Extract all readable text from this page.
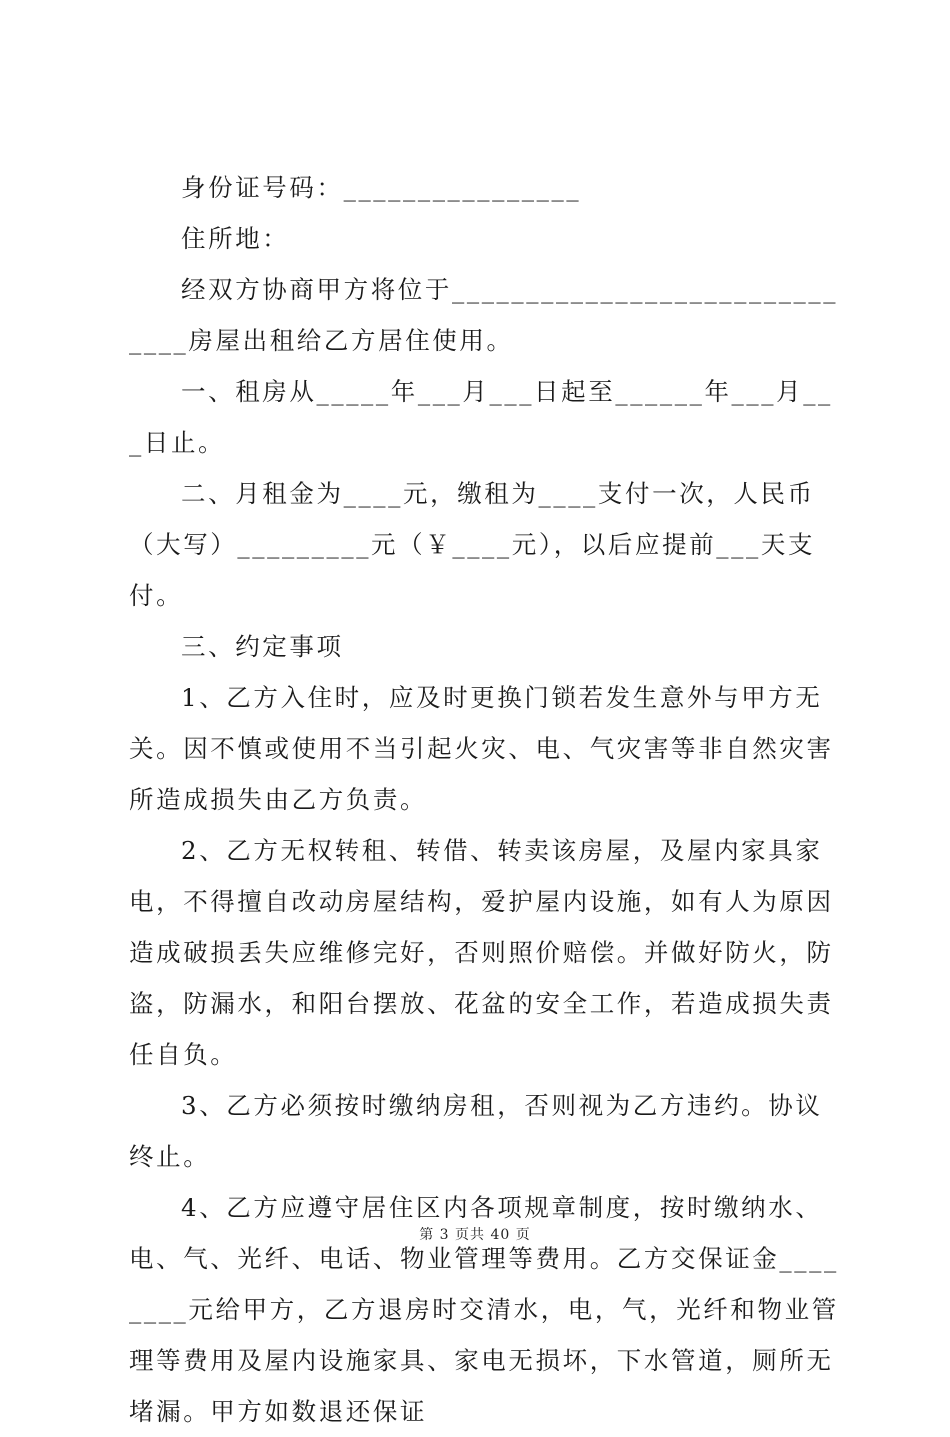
身份证号码：________________

住所地：

经双方协商甲方将位于______________________________房屋出租给乙方居住使用。

一、租房从_____年___月___日起至______年___月___日止。

二、月租金为____元，缴租为____支付一次，人民币（大写）_________元（￥____元），以后应提前___天支付。

三、约定事项

1、乙方入住时，应及时更换门锁若发生意外与甲方无关。因不慎或使用不当引起火灾、电、气灾害等非自然灾害所造成损失由乙方负责。

2、乙方无权转租、转借、转卖该房屋，及屋内家具家电，不得擅自改动房屋结构，爱护屋内设施，如有人为原因造成破损丢失应维修完好，否则照价赔偿。并做好防火，防盗，防漏水，和阳台摆放、花盆的安全工作，若造成损失责任自负。

3、乙方必须按时缴纳房租，否则视为乙方违约。协议终止。

4、乙方应遵守居住区内各项规章制度，按时缴纳水、电、气、光纤、电话、物业管理等费用。乙方交保证金________元给甲方，乙方退房时交清水，电，气，光纤和物业管理等费用及屋内设施家具、家电无损坏，下水管道，厕所无堵漏。甲方如数退还保证

第 3 页共 40 页
